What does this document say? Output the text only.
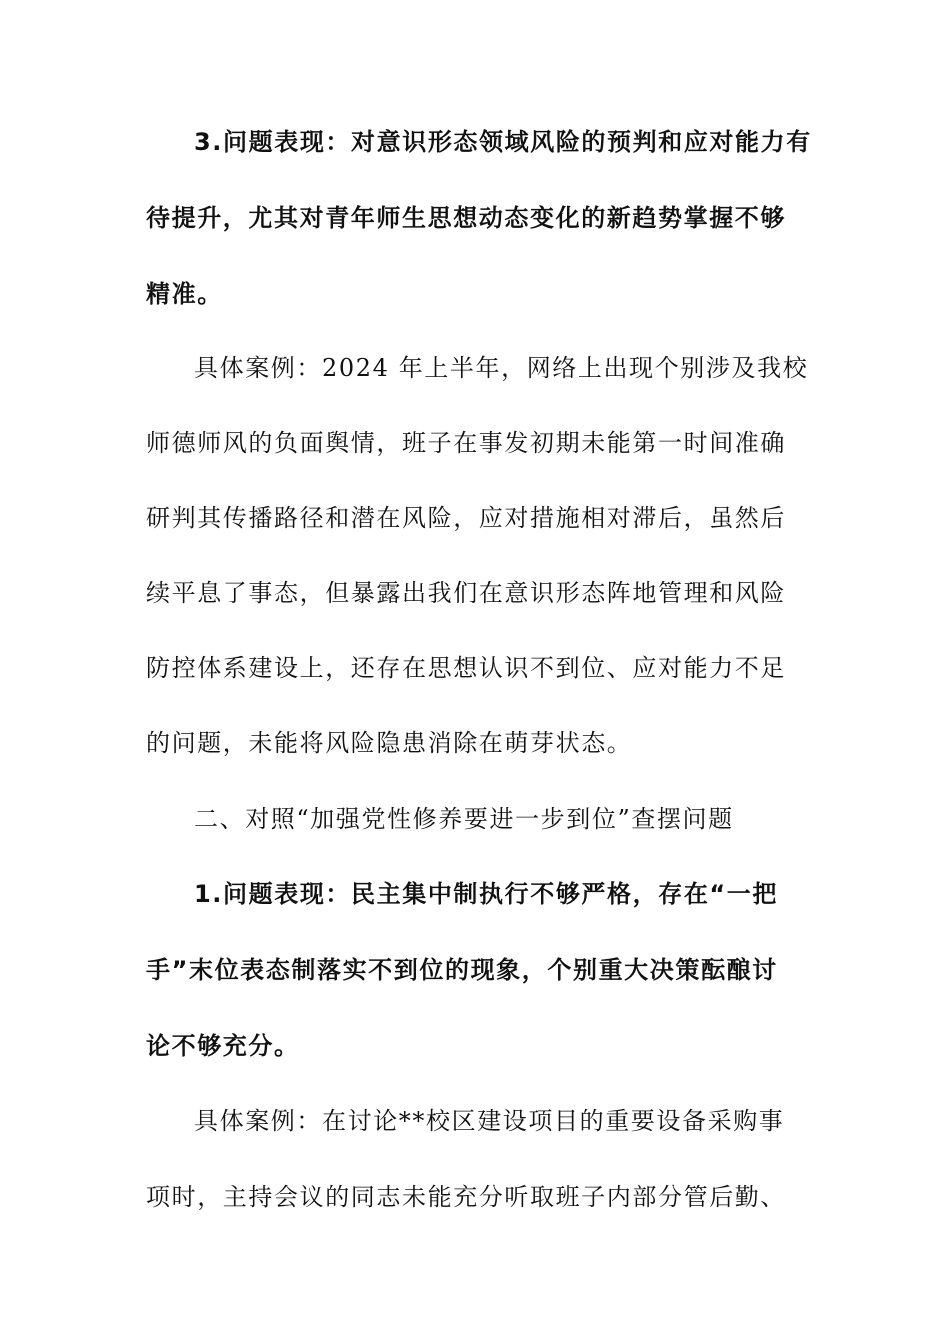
3.问题表现：对意识形态领域风险的预判和应对能力有
待提升，尤其对青年师生思想动态变化的新趋势掌握不够
精准。
具体案例：2024 年上半年，网络上出现个别涉及我校
师德师风的负面舆情，班子在事发初期未能第一时间准确
研判其传播路径和潜在风险，应对措施相对滞后，虽然后
续平息了事态，但暴露出我们在意识形态阵地管理和风险
防控体系建设上，还存在思想认识不到位、应对能力不足
的问题，未能将风险隐患消除在萌芽状态。
二、对照“加强党性修养要进一步到位”查摆问题
1.问题表现：民主集中制执行不够严格，存在“一把
手”末位表态制落实不到位的现象，个别重大决策酝酿讨
论不够充分。
具体案例：在讨论**校区建设项目的重要设备采购事
项时，主持会议的同志未能充分听取班子内部分管后勤、
